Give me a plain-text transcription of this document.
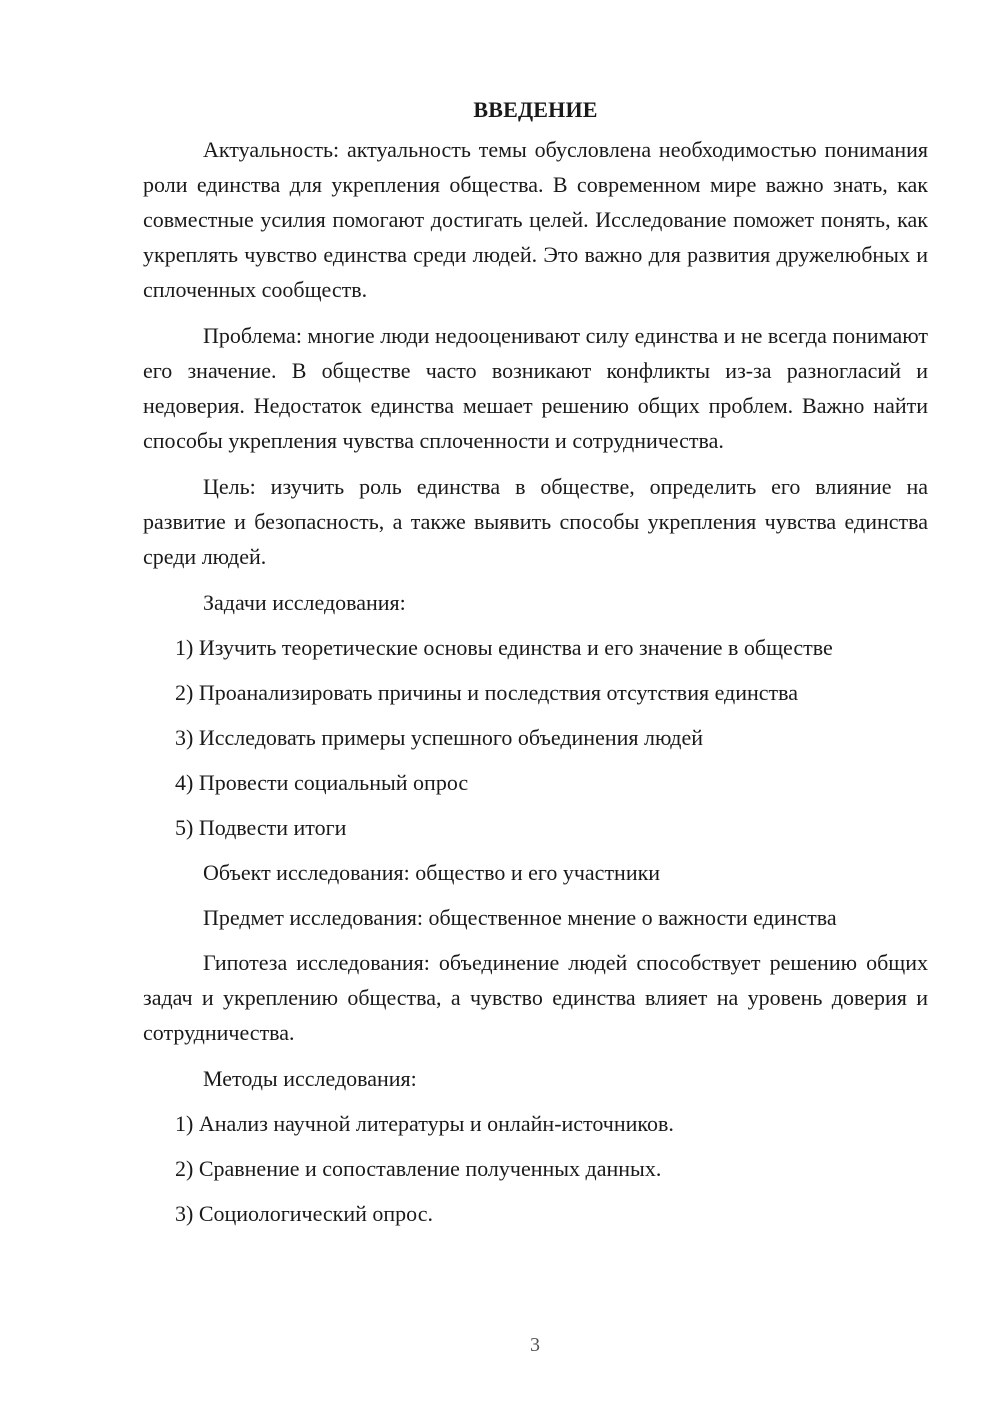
ВВЕДЕНИЕ

Актуальность: актуальность темы обусловлена необходимостью понимания роли единства для укрепления общества. В современном мире важно знать, как совместные усилия помогают достигать целей. Исследование поможет понять, как укреплять чувство единства среди людей. Это важно для развития дружелюбных и сплоченных сообществ.

Проблема: многие люди недооценивают силу единства и не всегда понимают его значение. В обществе часто возникают конфликты из-за разногласий и недоверия. Недостаток единства мешает решению общих проблем. Важно найти способы укрепления чувства сплоченности и сотрудничества.

Цель: изучить роль единства в обществе, определить его влияние на развитие и безопасность, а также выявить способы укрепления чувства единства среди людей.

Задачи исследования:
1) Изучить теоретические основы единства и его значение в обществе
2) Проанализировать причины и последствия отсутствия единства
3) Исследовать примеры успешного объединения людей
4) Провести социальный опрос
5) Подвести итоги
Объект исследования: общество и его участники
Предмет исследования: общественное мнение о важности единства

Гипотеза исследования: объединение людей способствует решению общих задач и укреплению общества, а чувство единства влияет на уровень доверия и сотрудничества.

Методы исследования:
1) Анализ научной литературы и онлайн-источников.
2) Сравнение и сопоставление полученных данных.
3) Социологический опрос.
3
